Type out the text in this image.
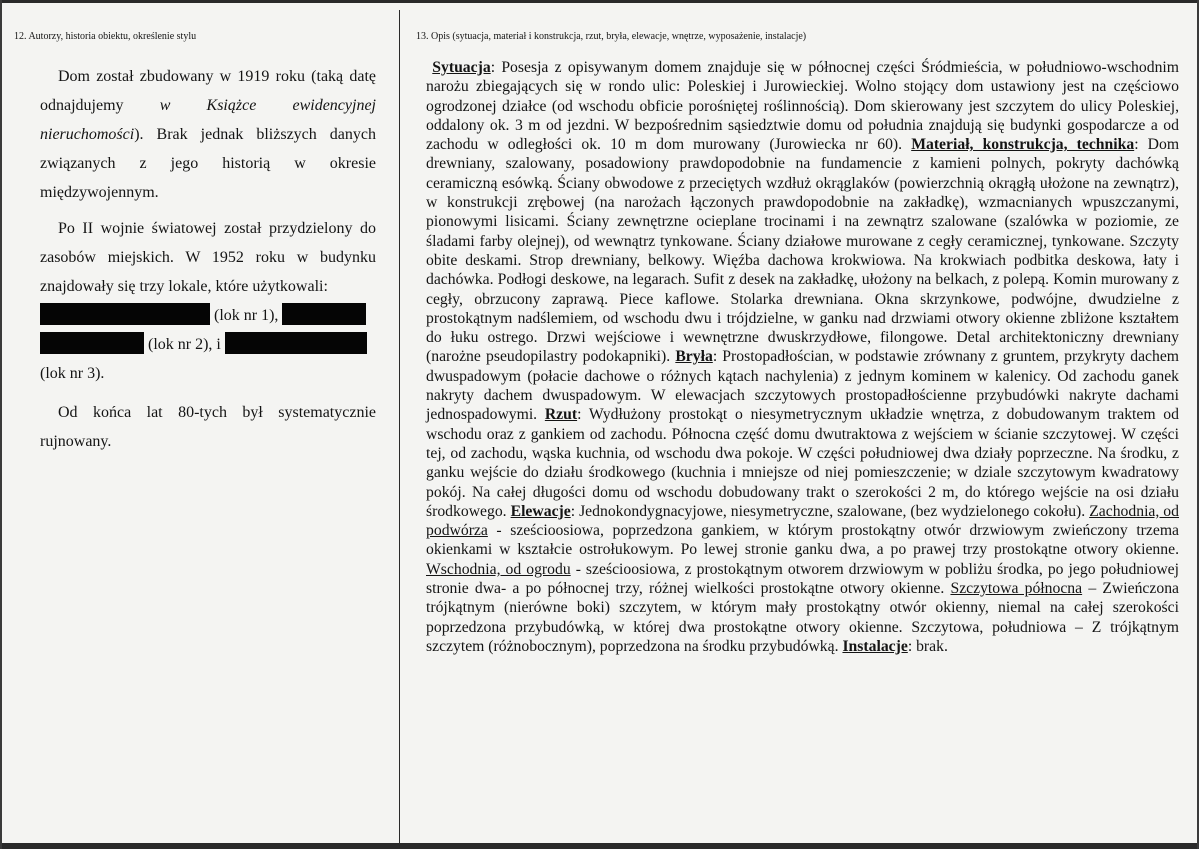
12. Autorzy, historia obiektu, określenie stylu

Dom został zbudowany w 1919 roku (taką datę odnajdujemy w Książce ewidencyjnej nieruchomości). Brak jednak bliższych danych związanych z jego historią w okresie międzywojennym.

Po II wojnie światowej został przydzielony do zasobów miejskich. W 1952 roku w budynku znajdowały się trzy lokale, które użytkowali:

(lok nr 1),

(lok nr 2), i

(lok nr 3).

Od końca lat 80-tych był systematycznie rujnowany.

13. Opis (sytuacja, materiał i konstrukcja, rzut, bryła, elewacje, wnętrze, wyposażenie, instalacje)

Sytuacja: Posesja z opisywanym domem znajduje się w północnej części Śródmieścia, w południowo-wschodnim narożu zbiegających się w rondo ulic: Poleskiej i Jurowieckiej. Wolno stojący dom ustawiony jest na częściowo ogrodzonej działce (od wschodu obficie porośniętej roślinnością). Dom skierowany jest szczytem do ulicy Poleskiej, oddalony ok. 3 m od jezdni. W bezpośrednim sąsiedztwie domu od południa znajdują się budynki gospodarcze a od zachodu w odległości ok. 10 m dom murowany (Jurowiecka nr 60). Materiał, konstrukcja, technika: Dom drewniany, szalowany, posadowiony prawdopodobnie na fundamencie z kamieni polnych, pokryty dachówką ceramiczną esówką. Ściany obwodowe z przeciętych wzdłuż okrąglaków (powierzchnią okrągłą ułożone na zewnątrz), w konstrukcji zrębowej (na narożach łączonych prawdopodobnie na zakładkę), wzmacnianych wpuszczanymi, pionowymi lisicami. Ściany zewnętrzne ocieplane trocinami i na zewnątrz szalowane (szalówka w poziomie, ze śladami farby olejnej), od wewnątrz tynkowane. Ściany działowe murowane z cegły ceramicznej, tynkowane. Szczyty obite deskami. Strop drewniany, belkowy. Więźba dachowa krokwiowa. Na krokwiach podbitka deskowa, łaty i dachówka. Podłogi deskowe, na legarach. Sufit z desek na zakładkę, ułożony na belkach, z polepą. Komin murowany z cegły, obrzucony zaprawą. Piece kaflowe. Stolarka drewniana. Okna skrzynkowe, podwójne, dwudzielne z prostokątnym nadślemiem, od wschodu dwu i trójdzielne, w ganku nad drzwiami otwory okienne zbliżone kształtem do łuku ostrego. Drzwi wejściowe i wewnętrzne dwuskrzydłowe, filongowe. Detal architektoniczny drewniany (narożne pseudopilastry podokapniki). Bryła: Prostopadłościan, w podstawie zrównany z gruntem, przykryty dachem dwuspadowym (połacie dachowe o różnych kątach nachylenia) z jednym kominem w kalenicy. Od zachodu ganek nakryty dachem dwuspadowym. W elewacjach szczytowych prostopadłościenne przybudówki nakryte dachami jednospadowymi. Rzut: Wydłużony prostokąt o niesymetrycznym układzie wnętrza, z dobudowanym traktem od wschodu oraz z gankiem od zachodu. Północna część domu dwutraktowa z wejściem w ścianie szczytowej. W części tej, od zachodu, wąska kuchnia, od wschodu dwa pokoje. W części południowej dwa działy poprzeczne. Na środku, z ganku wejście do działu środkowego (kuchnia i mniejsze od niej pomieszczenie; w dziale szczytowym kwadratowy pokój. Na całej długości domu od wschodu dobudowany trakt o szerokości 2 m, do którego wejście na osi działu środkowego. Elewacje: Jednokondygnacyjowe, niesymetryczne, szalowane, (bez wydzielonego cokołu). Zachodnia, od podwórza - sześcioosiowa, poprzedzona gankiem, w którym prostokątny otwór drzwiowym zwieńczony trzema okienkami w kształcie ostrołukowym. Po lewej stronie ganku dwa, a po prawej trzy prostokątne otwory okienne. Wschodnia, od ogrodu - sześcioosiowa, z prostokątnym otworem drzwiowym w pobliżu środka, po jego południowej stronie dwa- a po północnej trzy, różnej wielkości prostokątne otwory okienne. Szczytowa północna – Zwieńczona trójkątnym (nierówne boki) szczytem, w którym mały prostokątny otwór okienny, niemal na całej szerokości poprzedzona przybudówką, w której dwa prostokątne otwory okienne. Szczytowa, południowa – Z trójkątnym szczytem (różnobocznym), poprzedzona na środku przybudówką. Instalacje: brak.
